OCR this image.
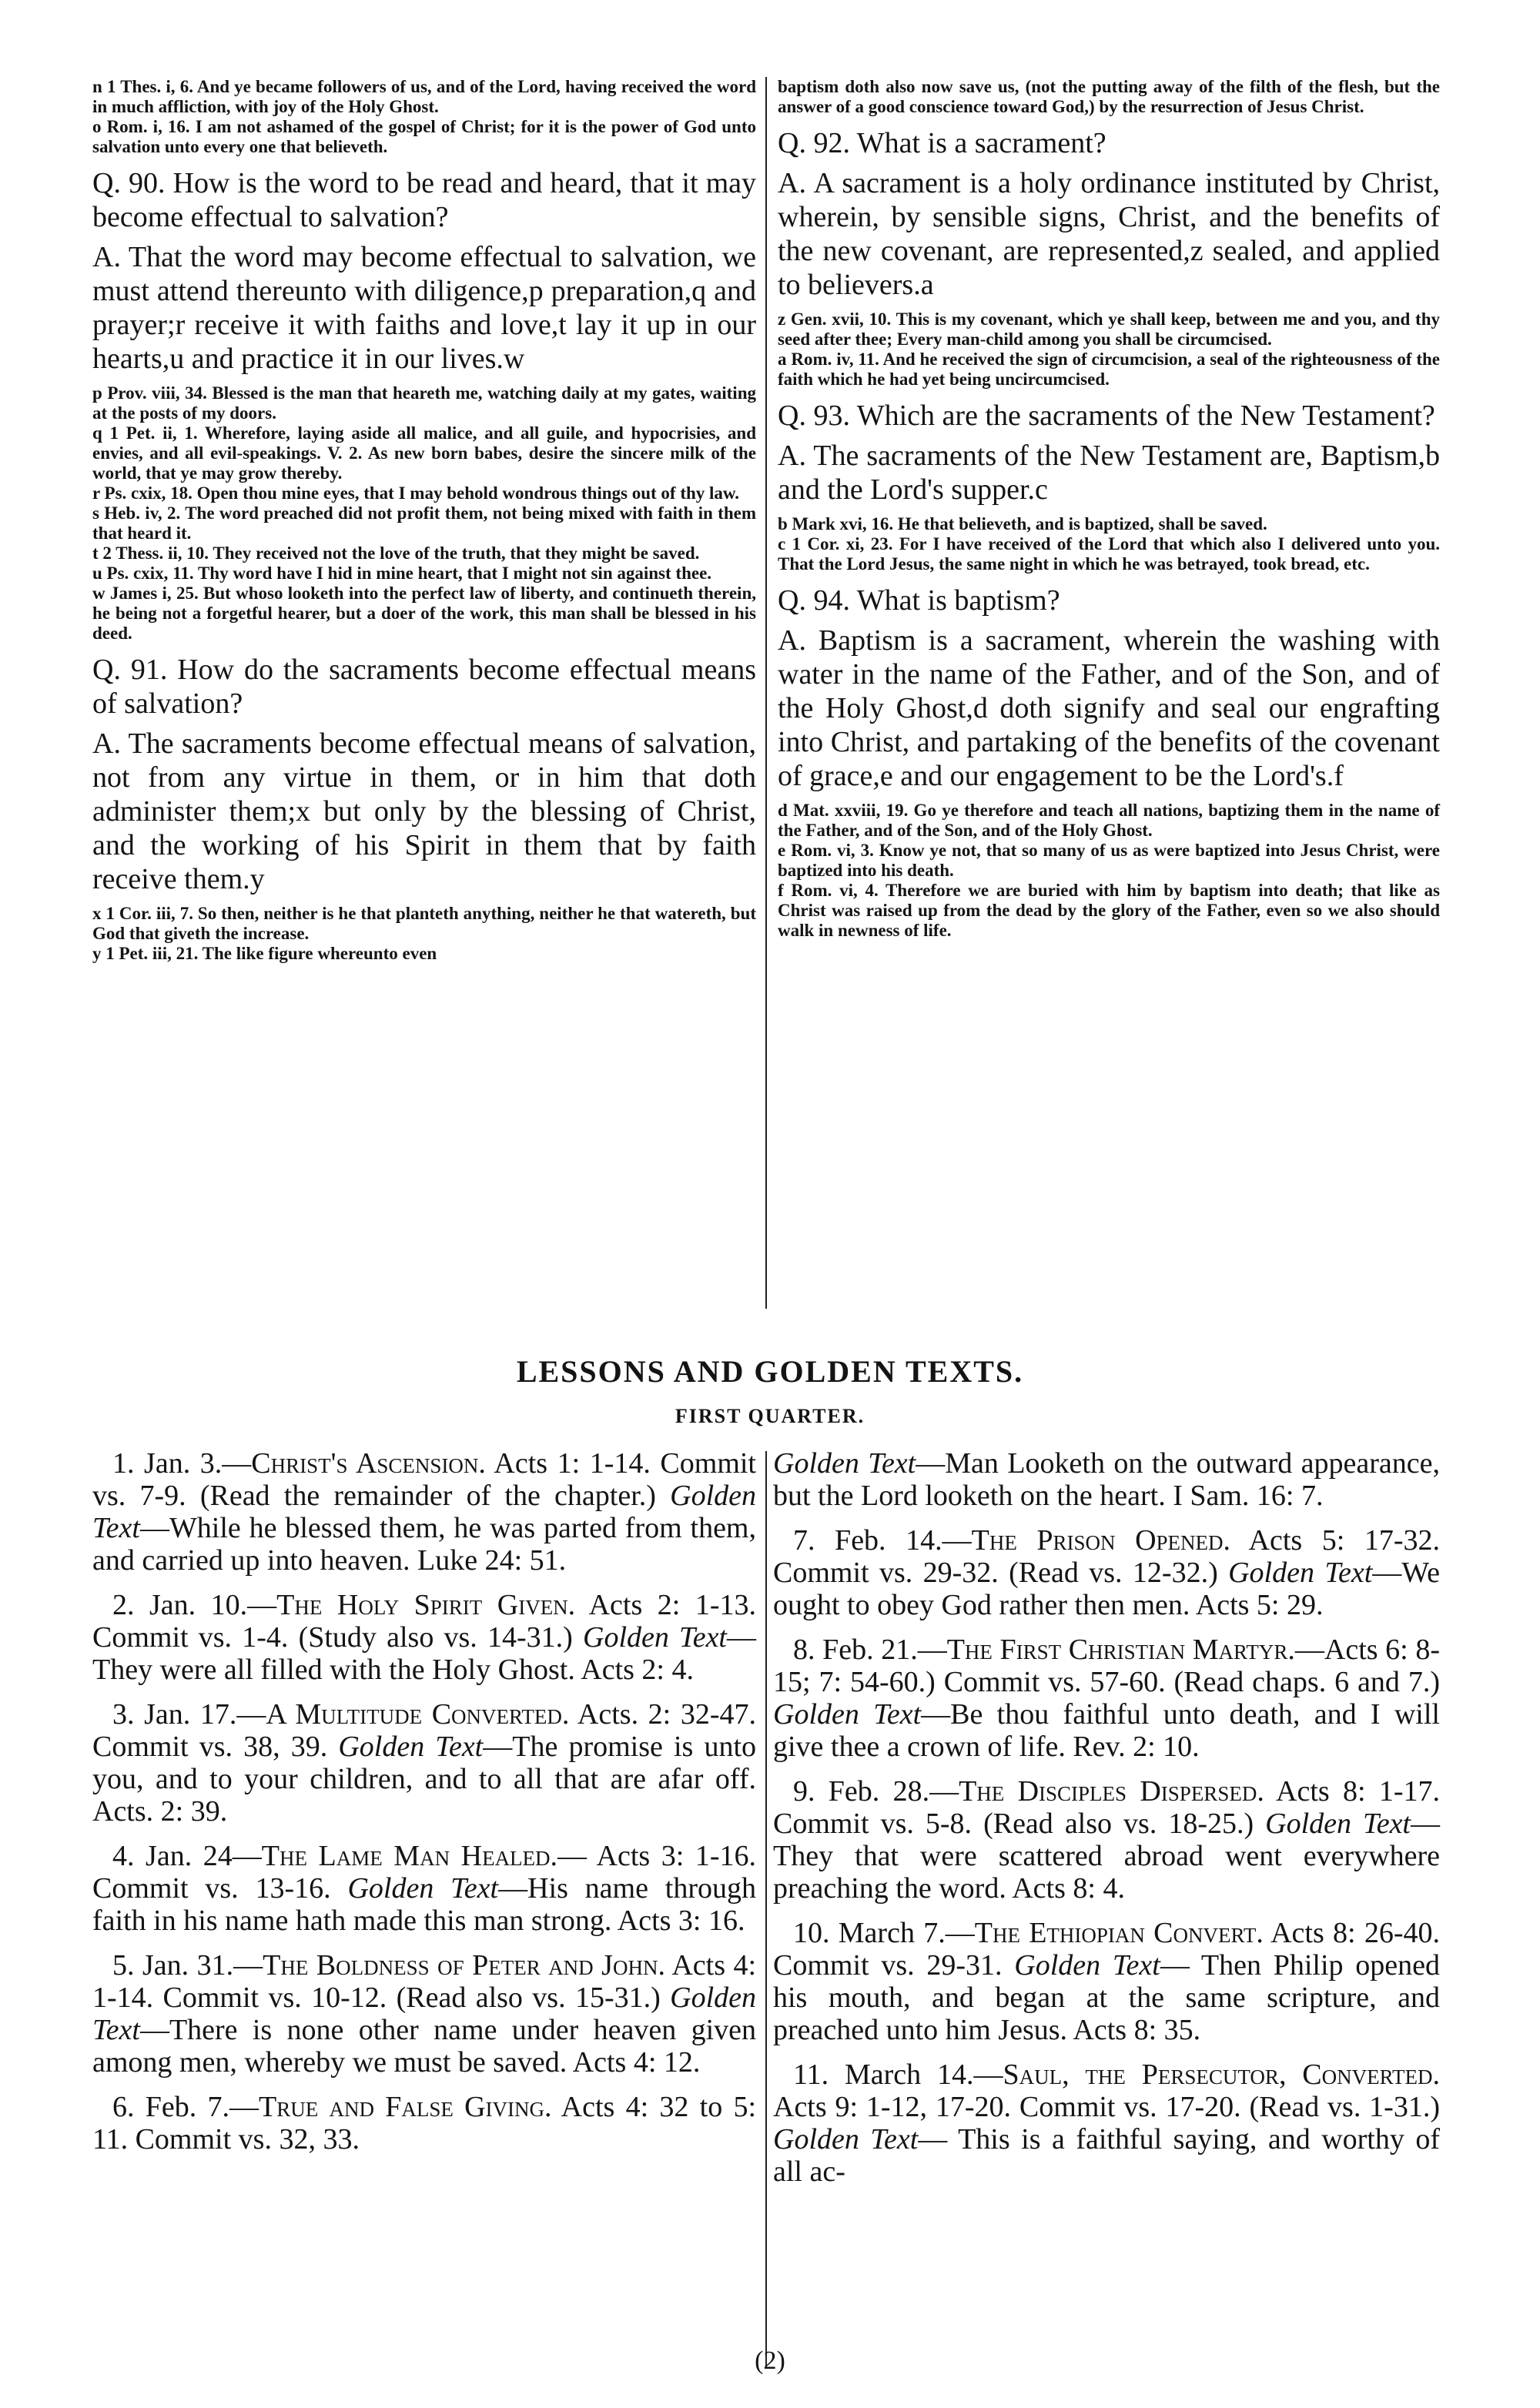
n 1 Thes. i, 6. And ye became followers of us, and of the Lord, having received the word in much affliction, with joy of the Holy Ghost.

o Rom. i, 16. I am not ashamed of the gospel of Christ; for it is the power of God unto salvation unto every one that believeth.

Q. 90. How is the word to be read and heard, that it may become effectual to salvation?

A. That the word may become effectual to salvation, we must attend thereunto with diligence,p preparation,q and prayer;r receive it with faiths and love,t lay it up in our hearts,u and practice it in our lives.w

p Prov. viii, 34. Blessed is the man that heareth me, watching daily at my gates, waiting at the posts of my doors.

q 1 Pet. ii, 1. Wherefore, laying aside all malice, and all guile, and hypocrisies, and envies, and all evil-speakings. V. 2. As new born babes, desire the sincere milk of the world, that ye may grow thereby.

r Ps. cxix, 18. Open thou mine eyes, that I may behold wondrous things out of thy law.

s Heb. iv, 2. The word preached did not profit them, not being mixed with faith in them that heard it.

t 2 Thess. ii, 10. They received not the love of the truth, that they might be saved.

u Ps. cxix, 11. Thy word have I hid in mine heart, that I might not sin against thee.

w James i, 25. But whoso looketh into the perfect law of liberty, and continueth therein, he being not a forgetful hearer, but a doer of the work, this man shall be blessed in his deed.

Q. 91. How do the sacraments become effectual means of salvation?

A. The sacraments become effectual means of salvation, not from any virtue in them, or in him that doth administer them;x but only by the blessing of Christ, and the working of his Spirit in them that by faith receive them.y

x 1 Cor. iii, 7. So then, neither is he that planteth anything, neither he that watereth, but God that giveth the increase.

y 1 Pet. iii, 21. The like figure whereunto even

baptism doth also now save us, (not the putting away of the filth of the flesh, but the answer of a good conscience toward God,) by the resurrection of Jesus Christ.

Q. 92. What is a sacrament?

A. A sacrament is a holy ordinance instituted by Christ, wherein, by sensible signs, Christ, and the benefits of the new covenant, are represented,z sealed, and applied to believers.a

z Gen. xvii, 10. This is my covenant, which ye shall keep, between me and you, and thy seed after thee; Every man-child among you shall be circumcised.

a Rom. iv, 11. And he received the sign of circumcision, a seal of the righteousness of the faith which he had yet being uncircumcised.

Q. 93. Which are the sacraments of the New Testament?

A. The sacraments of the New Testament are, Baptism,b and the Lord's supper.c

b Mark xvi, 16. He that believeth, and is baptized, shall be saved.

c 1 Cor. xi, 23. For I have received of the Lord that which also I delivered unto you. That the Lord Jesus, the same night in which he was betrayed, took bread, etc.

Q. 94. What is baptism?

A. Baptism is a sacrament, wherein the washing with water in the name of the Father, and of the Son, and of the Holy Ghost,d doth signify and seal our engrafting into Christ, and partaking of the benefits of the covenant of grace,e and our engagement to be the Lord's.f

d Mat. xxviii, 19. Go ye therefore and teach all nations, baptizing them in the name of the Father, and of the Son, and of the Holy Ghost.

e Rom. vi, 3. Know ye not, that so many of us as were baptized into Jesus Christ, were baptized into his death.

f Rom. vi, 4. Therefore we are buried with him by baptism into death; that like as Christ was raised up from the dead by the glory of the Father, even so we also should walk in newness of life.

LESSONS AND GOLDEN TEXTS.
FIRST QUARTER.

1. Jan. 3.—Christ's Ascension. Acts 1: 1-14. Commit vs. 7-9. (Read the remainder of the chapter.) Golden Text—While he blessed them, he was parted from them, and carried up into heaven. Luke 24: 51.

2. Jan. 10.—The Holy Spirit Given. Acts 2: 1-13. Commit vs. 1-4. (Study also vs. 14-31.) Golden Text—They were all filled with the Holy Ghost. Acts 2: 4.

3. Jan. 17.—A Multitude Converted. Acts. 2: 32-47. Commit vs. 38, 39. Golden Text—The promise is unto you, and to your children, and to all that are afar off. Acts. 2: 39.

4. Jan. 24—The Lame Man Healed.— Acts 3: 1-16. Commit vs. 13-16. Golden Text—His name through faith in his name hath made this man strong. Acts 3: 16.

5. Jan. 31.—The Boldness of Peter and John. Acts 4: 1-14. Commit vs. 10-12. (Read also vs. 15-31.) Golden Text—There is none other name under heaven given among men, whereby we must be saved. Acts 4: 12.

6. Feb. 7.—True and False Giving. Acts 4: 32 to 5: 11. Commit vs. 32, 33.

Golden Text—Man Looketh on the outward appearance, but the Lord looketh on the heart. I Sam. 16: 7.

7. Feb. 14.—The Prison Opened. Acts 5: 17-32. Commit vs. 29-32. (Read vs. 12-32.) Golden Text—We ought to obey God rather then men. Acts 5: 29.

8. Feb. 21.—The First Christian Martyr.—Acts 6: 8-15; 7: 54-60.) Commit vs. 57-60. (Read chaps. 6 and 7.) Golden Text—Be thou faithful unto death, and I will give thee a crown of life. Rev. 2: 10.

9. Feb. 28.—The Disciples Dispersed. Acts 8: 1-17. Commit vs. 5-8. (Read also vs. 18-25.) Golden Text—They that were scattered abroad went everywhere preaching the word. Acts 8: 4.

10. March 7.—The Ethiopian Convert. Acts 8: 26-40. Commit vs. 29-31. Golden Text— Then Philip opened his mouth, and began at the same scripture, and preached unto him Jesus. Acts 8: 35.

11. March 14.—Saul, the Persecutor, Converted. Acts 9: 1-12, 17-20. Commit vs. 17-20. (Read vs. 1-31.) Golden Text— This is a faithful saying, and worthy of all ac-

(2)
